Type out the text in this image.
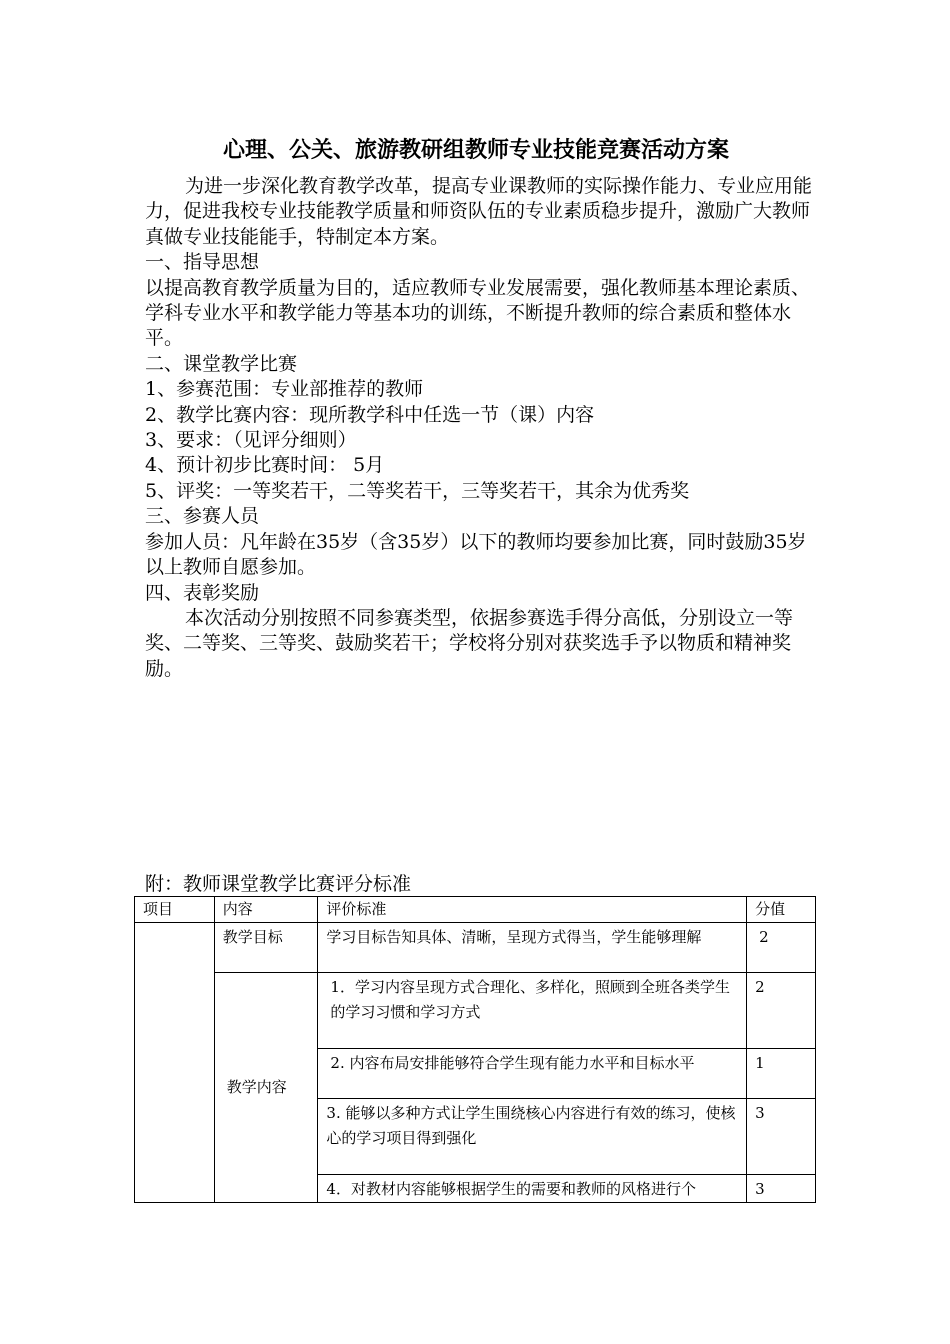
心理、公关、旅游教研组教师专业技能竞赛活动方案

为进一步深化教育教学改革，提高专业课教师的实际操作能力、专业应用能力，促进我校专业技能教学质量和师资队伍的专业素质稳步提升，激励广大教师真做专业技能能手，特制定本方案。

一、指导思想

以提高教育教学质量为目的，适应教师专业发展需要，强化教师基本理论素质、学科专业水平和教学能力等基本功的训练，不断提升教师的综合素质和整体水平。

二、课堂教学比赛

1、参赛范围：专业部推荐的教师

2、教学比赛内容：现所教学科中任选一节（课）内容

3、要求：（见评分细则）

4、预计初步比赛时间： 5月

5、评奖：一等奖若干，二等奖若干，三等奖若干，其余为优秀奖

三、参赛人员

参加人员：凡年龄在35岁（含35岁）以下的教师均要参加比赛，同时鼓励35岁以上教师自愿参加。

四、表彰奖励

本次活动分别按照不同参赛类型，依据参赛选手得分高低，分别设立一等奖、二等奖、三等奖、鼓励奖若干；学校将分别对获奖选手予以物质和精神奖励。

附：教师课堂教学比赛评分标准
项目	内容	评价标准	分值
	教学目标	学习目标告知具体、清晰，呈现方式得当，学生能够理解	2
	教学内容	1．学习内容呈现方式合理化、多样化，照顾到全班各类学生的学习习惯和学习方式	2
		2. 内容布局安排能够符合学生现有能力水平和目标水平	1
		3. 能够以多种方式让学生围绕核心内容进行有效的练习，使核心的学习项目得到强化	3
		4．对教材内容能够根据学生的需要和教师的风格进行个	3
